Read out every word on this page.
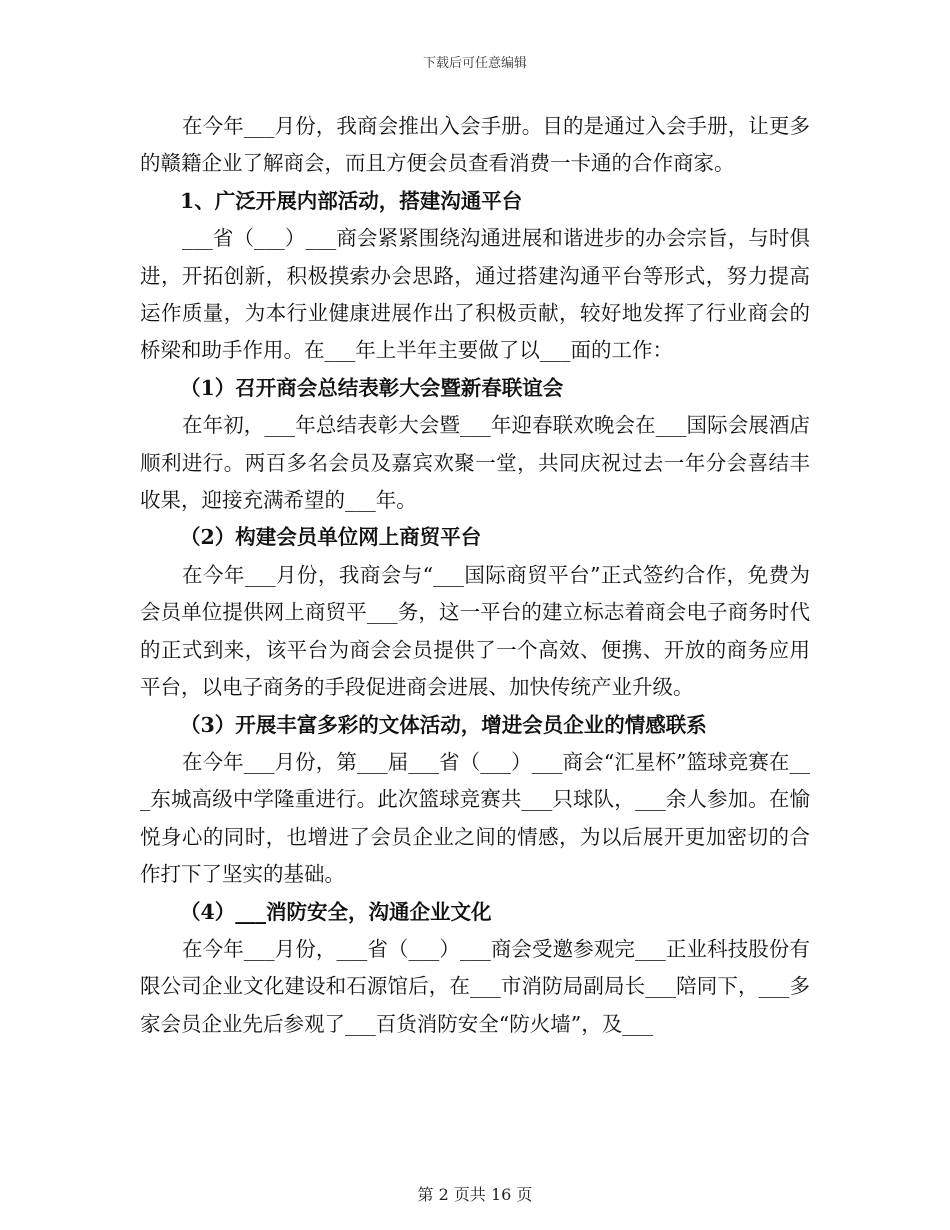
下载后可任意编辑

在今年___月份，我商会推出入会手册。目的是通过入会手册，让更多的赣籍企业了解商会，而且方便会员查看消费一卡通的合作商家。

1、广泛开展内部活动，搭建沟通平台

___省（___）___商会紧紧围绕沟通进展和谐进步的办会宗旨，与时俱进，开拓创新，积极摸索办会思路，通过搭建沟通平台等形式，努力提高运作质量，为本行业健康进展作出了积极贡献，较好地发挥了行业商会的桥梁和助手作用。在___年上半年主要做了以___面的工作：

（1）召开商会总结表彰大会暨新春联谊会

在年初，___年总结表彰大会暨___年迎春联欢晚会在___国际会展酒店顺利进行。两百多名会员及嘉宾欢聚一堂，共同庆祝过去一年分会喜结丰收果，迎接充满希望的___年。

（2）构建会员单位网上商贸平台

在今年___月份，我商会与“___国际商贸平台”正式签约合作，免费为会员单位提供网上商贸平___务，这一平台的建立标志着商会电子商务时代的正式到来，该平台为商会会员提供了一个高效、便携、开放的商务应用平台，以电子商务的手段促进商会进展、加快传统产业升级。

（3）开展丰富多彩的文体活动，增进会员企业的情感联系

在今年___月份，第___届___省（___）___商会“汇星杯”篮球竞赛在___东城高级中学隆重进行。此次篮球竞赛共___只球队，___余人参加。在愉悦身心的同时，也增进了会员企业之间的情感，为以后展开更加密切的合作打下了坚实的基础。

（4）___消防安全，沟通企业文化

在今年___月份，___省（___）___商会受邀参观完___正业科技股份有限公司企业文化建设和石源馆后，在___市消防局副局长___陪同下，___多家会员企业先后参观了___百货消防安全“防火墙”，及___

第 2 页共 16 页
